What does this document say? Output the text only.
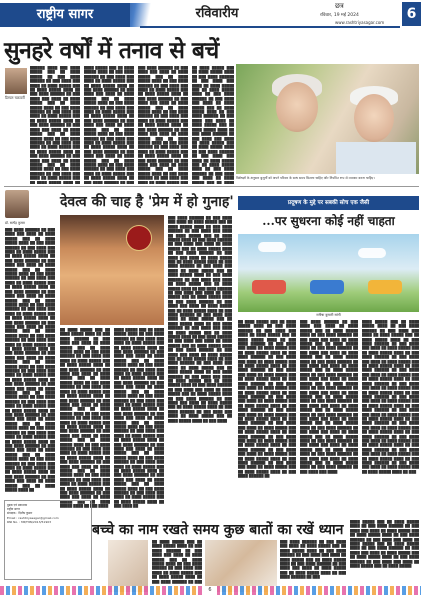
राष्ट्रीय सागर	रविवारीय	छत्र
रविवार, 19 मई 2024
www.rashtriyasagar.com
6
सुनहरे वर्षों में तनाव से बचें
डिम्पल चक्रवर्ती
██████ ████ ███ ████ █████ ███ ██ ████ █████ ██ ███ ████ ██████ ██ ███ ████ ███ ████ ██ ████ █████ ███ ██ ████ █████ ████ ██ ███ ████ ██████ ██ ███ ████ ███ ████ ██ ████ █████ ███ ██ ████ █████ ████ ██ ███ ████ ██████ ██ ███ ████ ███ ████ ██ ████ █████ ███ ██ ████ █████ ████ ██ ███ ████ ██████ ██ ███ ████ ███ ████ ██ ████ █████ ███ ██ ████ █████ ████ ██ ███ ████ ██████ ██ ███ ████ ███ ████ ██ ████ █████ ███ ██ ████ █████ ████ ██ ███ ████ ██████ ██ ███ ████ ███ ████ ██ ████ █████ ███ ██ ████ █████ ████ ██ ███ ████ ██████ ██ ███ ████ ███ ████ ██ ████ █████ ███ ██ ████ █████ ████ ██
████ █████ ███ ██ ████ █████ ████ ██ ███ ████ ██████ ██ ███ ████ ███ ████ ██ ████ █████ ███ ██ ████ █████ ████ ██ ███ ████ ██████ ██ ███ ████ ███ ████ ██ ████ █████ ███ ██ ████ █████ ████ ██ ███ ████ ██████ ██ ███ ████ ███ ████ ██ ████ █████ ███ ██ ████ █████ ████ ██ ███ ████ ██████ ██ ███ ████ ███ ████ ██ ████ █████ ███ ██ ████ █████ ████ ██ ███ ████ ██████ ██ ███ ████ ███ ████ ██ ████ █████ ███ ██ ████ █████ ████ ██ ███ ████ ██████ ██ ███ ████ ███ ████ ██ ████ █████ ███ ██ ████ █████ ████ ██ ███ ████ ██████ ██ ███ ████ ███ ████ ██ ████ █████ ███ ██ ████ █████ ████ ██ ███ ████ ██████ ██ ███
███ ████ ██████ ██ ███ ████ ███ ████ ██ ████ █████ ███ ██ ████ █████ ████ ██ ███ ████ ██████ ██ ███ ████ ███ ████ ██ ████ █████ ███ ██ ████ █████ ████ ██ ███ ████ ██████ ██ ███ ████ ███ ████ ██ ████ █████ ███ ██ ████ █████ ████ ██ ███ ████ ██████ ██ ███ ████ ███ ████ ██ ████ █████ ███ ██ ████ █████ ████ ██ ███ ████ ██████ ██ ███ ████ ███ ████ ██ ████ █████ ███ ██ ████ █████ ████ ██ ███ ████ ██████ ██ ███ ████ ███ ████ ██ ████ █████ ███ ██ ████ █████ ████ ██ ███ ████ ██████ ██ ███ ████ ███ ████ ██ ████ █████ ███ ██ ████ █████ ████ ██ ███ ████ ██████ ██ ███ ████ ███ ████ ██ ████ █████ ███
██ ████ █████ ███ ██ ████ █████ ████ ██ ███ ████ ██████ ██ ███ ████ ███ ████ ██ ████ █████ ███ ██ ████ █████ ████ ██ ███ ████ ██████ ██ ███ ████ ███ ████ ██ ████ █████ ███ ██ ████ █████ ████ ██ ███ ████ ██████ ██ ███ ████ ███ ████ ██ ████ █████ ███ ██ ████ █████ ████ ██ ███ ████ ██████ ██ ███ ████ ███ ████ ██ ████ █████ ███ ██ ████ █████ ████ ██ ███ ████ ██████ ██ ███ ████ ███ ████ ██ ████ █████ ███ ██ ████ █████ ████ ██ ███ ████ ██████ ██ ███ ████ ███ ████ ██ ████ █████ ███ ██ ████
विशेषज्ञों के अनुसार बुजुर्गों को अपने परिवार के साथ समय बिताना चाहिए और नियमित रूप से व्यायाम करना चाहिए।
डॉ. सत्येंद्र कुमार
देवत्व की चाह है 'प्रेम में हो गुनाह'
███ ████ ██████ ██ ███ ████ ███ ████ ██ ████ █████ ███ ██ ████ █████ ████ ██ ███ ████ ██████ ██ ███ ████ ███ ████ ██ ████ █████ ███ ██ ████ █████ ████ ██ ███ ████ ██████ ██ ███ ████ ███ ████ ██ ████ █████ ███ ██ ████ █████ ████ ██ ███ ████ ██████ ██ ███ ████ ███ ████ ██ ████ █████ ███ ██ ████ █████ ████ ██ ███ ████ ██████ ██ ███ ████ ███ ████ ██ ████ █████ ███ ██ ████ █████ ████ ██ ███ ████ ██████ ██ ███ ████ ███ ████ ██ ████ █████ ███ ██ ████ █████ ████ ██ ███ ████ ██████ ██ ███ ████ ███ ████ ██ ████ █████ ███ ██ ████ █████ ████ ██ ███ ████ ██████ ██ ███ ████ ███ ████ ██ ████ █████ ███ ██ ████ █████ ████ ██ ███ ████ ██████ ██ ███ ████ ███ ████ ██ ████ █████ ███ ██ ████ █████ ████ ██ ███ ████ ██████ ██ ███ ████ ███ ████ ██ ████ █████ ███ ██ ████ █████ ████ ██ ███ ████ ██████ ██ ███ ████ ███ ████ ██ ████ █████ ███ ██ ████ █████ ████ ██ ███ ████ ██████ ██ ███ ████ ███ ████ ██ ████ █████ ███ ██ ████ █████ ████ ██ ███ ████ ██████ ██ ███ ████ ███ ████ ██ ████ █████ ███ ██ ████ █████ ████ ██ ███ ████ ██████ ██ ███ ████ ███ ████ ██ ████ █████ ███ ██ ████ █████ ████ ██ ███ ████ ██████ ██ ███ ████ ███ ████ ██ ████ █████ ███ ██ ████ █████ ████ ██ ███ ████ ██████ ██ ███ ████ ███ ████ ██ ████ █████ ███ ██ ████ █████ ████ ██ ███ ████ ██████ ██ ███ ████ ███ ████ ██ ████ █████ ███ ██ ████ █████ ████ ██
██ ████ █████ ███ ██ ████ █████ ████ ██ ███ ████ ██████ ██ ███ ████ ███ ████ ██ ████ █████ ███ ██ ████ █████ ████ ██ ███ ████ ██████ ██ ███ ████ ███ ████ ██ ████ █████ ███ ██ ████ █████ ████ ██ ███ ████ ██████ ██ ███ ████ ███ ████ ██ ████ █████ ███ ██ ████ █████ ████ ██ ███ ████ ██████ ██ ███ ████ ███ ████ ██ ████ █████ ███ ██ ████ █████ ████ ██ ███ ████ ██████ ██ ███ ████ ███ ████ ██ ████ █████ ███ ██ ████ █████ ████ ██ ███ ████ ██████ ██ ███ ████ ███ ████ ██ ████ █████ ███ ██ ████ █████ ████ ██ ███ ████ ██████ ██ ███ ████ ███ ████ ██ ████ █████ ███ ██ ████ █████ ████ ██ ███ ████ ██████ ██ ███ ████ ███ ████ ██ ████ █████ ███ ██ ████ █████ ████ ██ ███ ████ ██████ ██ ███ ████ ███ ████ ██ ████ █████ ███ ██ ████ █████ ████ ██ ███ ████ ██████ ██ ███ ████ ███ ████ ██ ████ █████ ███ ██ ████ █████ ████ ██ ███ ████ ██████ ██ ███ ████ ███ ████ ██ ████ █████ ███ ██ ████ █████ ████ ██ ███ ████
████ █████ ███ ██ ████ █████ ████ ██ ███ ████ ██████ ██ ███ ████ ███ ████ ██ ████ █████ ███ ██ ████ █████ ████ ██ ███ ████ ██████ ██ ███ ████ ███ ████ ██ ████ █████ ███ ██ ████ █████ ████ ██ ███ ████ ██████ ██ ███ ████ ███ ████ ██ ████ █████ ███ ██ ████ █████ ████ ██ ███ ████ ██████ ██ ███ ████ ███ ████ ██ ████ █████ ███ ██ ████ █████ ████ ██ ███ ████ ██████ ██ ███ ████ ███ ████ ██ ████ █████ ███ ██ ████ █████ ████ ██ ███ ████ ██████ ██ ███ ████ ███ ████ ██ ████ █████ ███ ██ ████ █████ ████ ██ ███ ████ ██████ ██ ███ ████ ███ ████ ██ ████ █████ ███ ██ ████ █████ ████ ██ ███ ████ ██████ ██ ███ ████ ███ ████ ██ ████ █████ ███ ██ ████ █████ ████ ██ ███ ████ ██████ ██ ███ ████ ███ ████ ██ ████ █████ ███ ██ ████ █████ ████ ██ ███ ████ ██████ ██ ███ ████ ███ ████ ██ ████ █████ ███ ██ ████ █████ ████ ██ ███ ████ ██████ ██ ███ ████ ███ ████ ██ ████ █████ ███ ██ ████ █████ ████ ██ ███ ████ ██
███ ████ ██████ ██ ███ ████ ███ ████ ██ ████ █████ ███ ██ ████ █████ ████ ██ ███ ████ ██████ ██ ███ ████ ███ ████ ██ ████ █████ ███ ██ ████ █████ ████ ██ ███ ████ ██████ ██ ███ ████ ███ ████ ██ ████ █████ ███ ██ ████ █████ ████ ██ ███ ████ ██████ ██ ███ ████ ███ ████ ██ ████ █████ ███ ██ ████ █████ ████ ██ ███ ████ ██████ ██ ███ ████ ███ ████ ██ ████ █████ ███ ██ ████ █████ ████ ██ ███ ████ ██████ ██ ███ ████ ███ ████ ██ ████ █████ ███ ██ ████ █████ ████ ██ ███ ████ ██████ ██ ███ ████ ███ ████ ██ ████ █████ ███ ██ ████ █████ ████ ██ ███ ████ ██████ ██ ███ ████ ███ ████ ██ ████ █████ ███ ██ ████ █████ ████ ██ ███ ████ ██████ ██ ███ ████ ███ ████ ██ ████ █████ ███ ██ ████ █████ ████ ██ ███ ████ ██████ ██ ███ ████ ███ ████ ██ ████ █████ ███ ██ ████ █████ ████ ██ ███ ████ ██████ ██ ███ ████ ███ ████ ██ ████ █████ ███ ██ ████ █████ ████ ██ ███ ████ ██████ ██ ███ ████ ███ ████ ██ ████ █████ ███ ██ ████ █████ ████ ██ ███ ████ ██████ ██ ███ ████ ███ ████ ██ ████ █████ ███ ██ ████ █████ ████ ██ ███ ████ ██████ ██ ███ ████ ███ ████ ██ ████ █████ ███ ██ ████ █████ ████ ██ ███ ████ ██████ ██ ███ ████ ███ ████ ██ ████ █████ ███ ██ ████ █████ ████ ██ ███ ████ ██████ ██ ███ ████ ███ ████ ██ ████ █████ ███ ██ ████ █████ ████ ██ ███ ████ ██████ ██ ███ ████ ███ ████ ██ ████ █████ ███ ██ ████ █████ ████ ██ ███ ████
प्रदूषण के मुद्दे पर सबकी सोच एक जैसी
...पर सुधरना कोई नहीं चाहता
मनीषा कुमारी सांगी
██ ████ █████ ███ ██ ████ █████ ████ ██ ███ ████ ██████ ██ ███ ████ ███ ████ ██ ████ █████ ███ ██ ████ █████ ████ ██ ███ ████ ██████ ██ ███ ████ ███ ████ ██ ████ █████ ███ ██ ████ █████ ████ ██ ███ ████ ██████ ██ ███ ████ ███ ████ ██ ████ █████ ███ ██ ████ █████ ████ ██ ███ ████ ██████ ██ ███ ████ ███ ████ ██ ████ █████ ███ ██ ████ █████ ████ ██ ███ ████ ██████ ██ ███ ████ ███ ████ ██ ████ █████ ███ ██ ████ █████ ████ ██ ███ ████ ██████ ██ ███ ████ ███ ████ ██ ████ █████ ███ ██ ████ █████ ████ ██ ███ ████ ██████ ██ ███ ████ ███ ████ ██ ████ █████ ███ ██ ████ █████ ████ ██ ███ ████ ██████ ██ ███ ████ ███ ████ ██ ████ █████ ███ ██ ████ █████ ████ ██ ███ ████ ██████ ██ ███ ████ ███ ████ ██ ████ █████ ███ ██ ████ █████ ████ ██ ███ ████ ██████ ██ ███ ████ ███ ████ ██ ████ █████ ███ ██ ████ █████ ████ ██ ███ ████ ██████ ██ ███ ████ ███ ████ ██ ████ █████ ███ ██ ████ █████ ████ ██ ███ ████ ██████ ██
███ ████ ██████ ██ ███ ████ ███ ████ ██ ████ █████ ███ ██ ████ █████ ████ ██ ███ ████ ██████ ██ ███ ████ ███ ████ ██ ████ █████ ███ ██ ████ █████ ████ ██ ███ ████ ██████ ██ ███ ████ ███ ████ ██ ████ █████ ███ ██ ████ █████ ████ ██ ███ ████ ██████ ██ ███ ████ ███ ████ ██ ████ █████ ███ ██ ████ █████ ████ ██ ███ ████ ██████ ██ ███ ████ ███ ████ ██ ████ █████ ███ ██ ████ █████ ████ ██ ███ ████ ██████ ██ ███ ████ ███ ████ ██ ████ █████ ███ ██ ████ █████ ████ ██ ███ ████ ██████ ██ ███ ████ ███ ████ ██ ████ █████ ███ ██ ████ █████ ████ ██ ███ ████ ██████ ██ ███ ████ ███ ████ ██ ████ █████ ███ ██ ████ █████ ████ ██ ███ ████ ██████ ██ ███ ████ ███ ████ ██ ████ █████ ███ ██ ████ █████ ████ ██ ███ ████ ██████ ██ ███ ████ ███ ████ ██ ████ █████ ███ ██ ████ █████ ████ ██ ███ ████ ██████ ██ ███ ████ ███ ████ ██ ████ █████ ███ ██ ████ █████ ████ ██ ███ ████ ██████ ██ ███ ████ ███ ████
████ █████ ███ ██ ████ █████ ████ ██ ███ ████ ██████ ██ ███ ████ ███ ████ ██ ████ █████ ███ ██ ████ █████ ████ ██ ███ ████ ██████ ██ ███ ████ ███ ████ ██ ████ █████ ███ ██ ████ █████ ████ ██ ███ ████ ██████ ██ ███ ████ ███ ████ ██ ████ █████ ███ ██ ████ █████ ████ ██ ███ ████ ██████ ██ ███ ████ ███ ████ ██ ████ █████ ███ ██ ████ █████ ████ ██ ███ ████ ██████ ██ ███ ████ ███ ████ ██ ████ █████ ███ ██ ████ █████ ████ ██ ███ ████ ██████ ██ ███ ████ ███ ████ ██ ████ █████ ███ ██ ████ █████ ████ ██ ███ ████ ██████ ██ ███ ████ ███ ████ ██ ████ █████ ███ ██ ████ █████ ████ ██ ███ ████ ██████ ██ ███ ████ ███ ████ ██ ████ █████ ███ ██ ████ █████ ████ ██ ███ ████ ██████ ██ ███ ████ ███ ████ ██ ████ █████ ███ ██ ████ █████ ████ ██ ███ ████ ██████ ██ ███ ████ ███ ████ ██ ████ █████ ███ ██ ████ █████ ████ ██ ███ ████ ██████ ██ ███ ████ ███ ████ ██ ████ █████ ███ ██ ████ █████ ████ ██ ███
मुद्रक एवं प्रकाशक
राष्ट्रीय सागर
संपादक : दिलीप कुमार
Email : rashtriyasagar@gmail.com
RNI No. : MP/HIN/2013/51903
बच्चे का नाम रखते समय कुछ बातों का रखें ध्यान
██ ████ █████ ███ ██ ████ █████ ████ ██ ███ ████ ██████ ██ ███ ████ ███ ████ ██ ████ █████ ███ ██ ████ █████ ████ ██ ███ ████ ██████ ██ ███ ████ ███ ████ ██ ████ █████ ███ ██ ████ █████ ████ ██ ███ ████ ██████ ██ ███
███ ████ ██████ ██ ███ ████ ███ ████ ██ ████ █████ ███ ██ ████ █████ ████ ██ ███ ████ ██████ ██ ███ ████ ███ ████ ██ ████ █████ ███ ██ ████ █████ ████ ██ ███ ████ ██████ ██ ███ ████ ███ ████ ██ ████ █████ ███ ██ ████ █████ ████ ██ ███ ████ ██████ ██ ███
████ █████ ███ ██ ████ █████ ████ ██ ███ ████ ██████ ██ ███ ████ ███ ████ ██ ████ █████ ███ ██ ████ █████ ████ ██ ███ ████ ██████ ██ ███ ████ ███ ████ ██ ████ █████ ███ ██ ████ █████ ████ ██ ███ ████ ██████ ██ ███ ████ ███ ████ ██ ████ █████ ███ ██ ████ █████ ████ ██ ███ ████ ██████ ██ ███ ████ ███ ████ ██ ████ █████ ███ ██ ████ █████
6
